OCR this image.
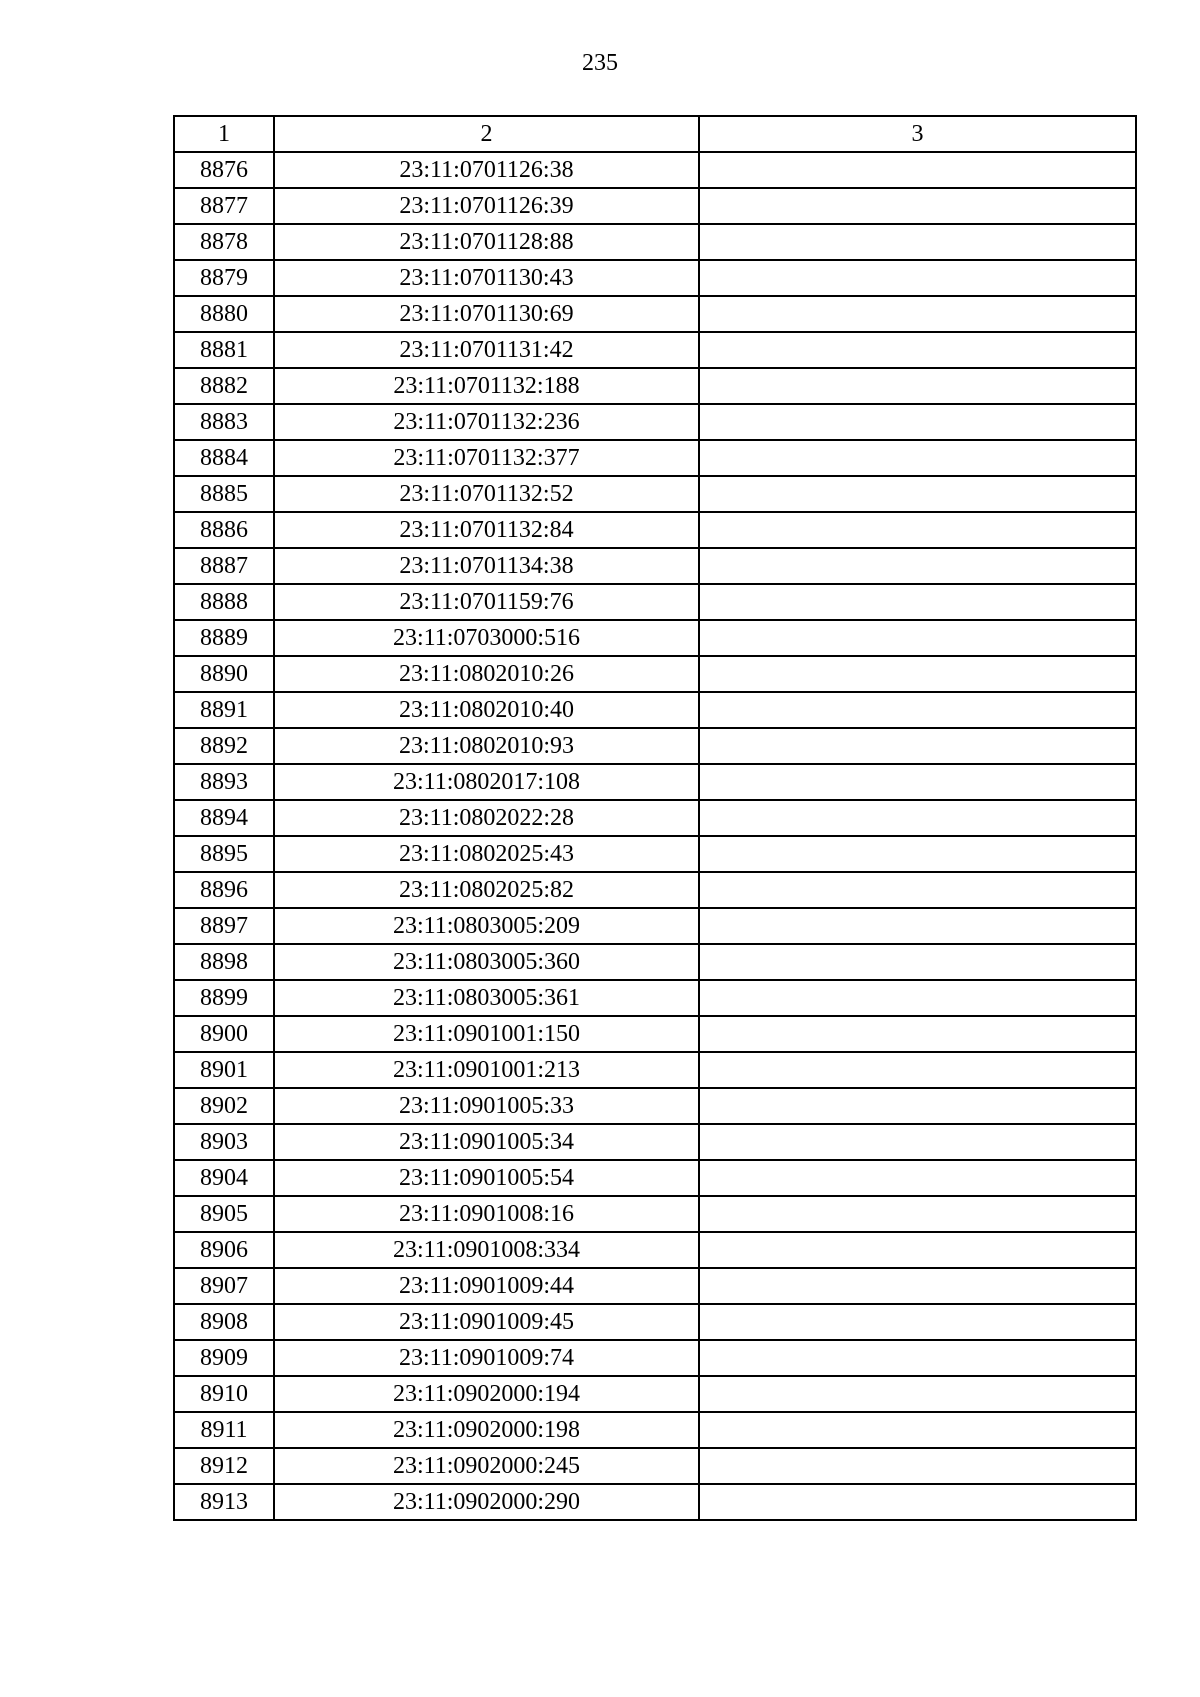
235
1	2	3
8876	23:11:0701126:38	
8877	23:11:0701126:39	
8878	23:11:0701128:88	
8879	23:11:0701130:43	
8880	23:11:0701130:69	
8881	23:11:0701131:42	
8882	23:11:0701132:188	
8883	23:11:0701132:236	
8884	23:11:0701132:377	
8885	23:11:0701132:52	
8886	23:11:0701132:84	
8887	23:11:0701134:38	
8888	23:11:0701159:76	
8889	23:11:0703000:516	
8890	23:11:0802010:26	
8891	23:11:0802010:40	
8892	23:11:0802010:93	
8893	23:11:0802017:108	
8894	23:11:0802022:28	
8895	23:11:0802025:43	
8896	23:11:0802025:82	
8897	23:11:0803005:209	
8898	23:11:0803005:360	
8899	23:11:0803005:361	
8900	23:11:0901001:150	
8901	23:11:0901001:213	
8902	23:11:0901005:33	
8903	23:11:0901005:34	
8904	23:11:0901005:54	
8905	23:11:0901008:16	
8906	23:11:0901008:334	
8907	23:11:0901009:44	
8908	23:11:0901009:45	
8909	23:11:0901009:74	
8910	23:11:0902000:194	
8911	23:11:0902000:198	
8912	23:11:0902000:245	
8913	23:11:0902000:290	
